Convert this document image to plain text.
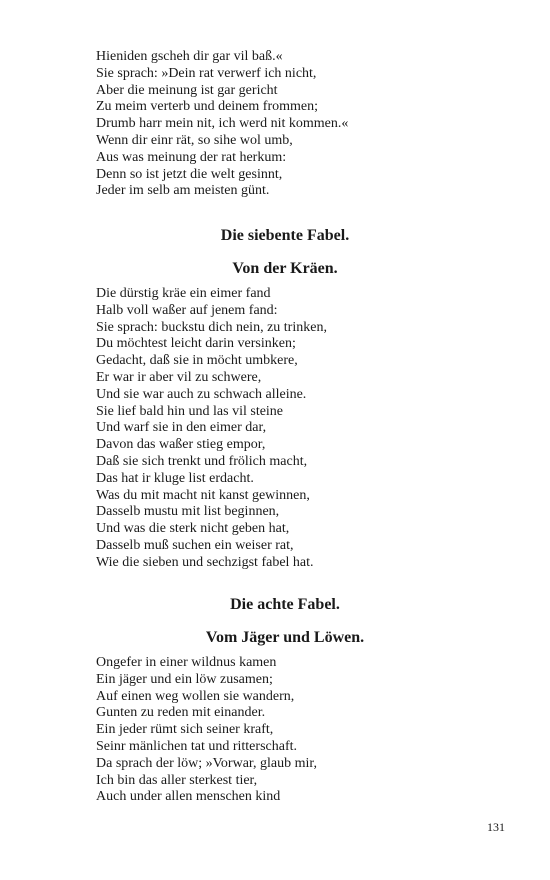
Hieniden gscheh dir gar vil baß.«
Sie sprach: »Dein rat verwerf ich nicht,
Aber die meinung ist gar gericht
Zu meim verterb und deinem frommen;
Drumb harr mein nit, ich werd nit kommen.«
Wenn dir einr rät, so sihe wol umb,
Aus was meinung der rat herkum:
Denn so ist jetzt die welt gesinnt,
Jeder im selb am meisten günt.
Die siebente Fabel.
Von der Kräen.
Die dürstig kräe ein eimer fand
Halb voll waßer auf jenem fand:
Sie sprach: buckstu dich nein, zu trinken,
Du möchtest leicht darin versinken;
Gedacht, daß sie in möcht umbkere,
Er war ir aber vil zu schwere,
Und sie war auch zu schwach alleine.
Sie lief bald hin und las vil steine
Und warf sie in den eimer dar,
Davon das waßer stieg empor,
Daß sie sich trenkt und frölich macht,
Das hat ir kluge list erdacht.
Was du mit macht nit kanst gewinnen,
Dasselb mustu mit list beginnen,
Und was die sterk nicht geben hat,
Dasselb muß suchen ein weiser rat,
Wie die sieben und sechzigst fabel hat.
Die achte Fabel.
Vom Jäger und Löwen.
Ongefer in einer wildnus kamen
Ein jäger und ein löw zusamen;
Auf einen weg wollen sie wandern,
Gunten zu reden mit einander.
Ein jeder rümt sich seiner kraft,
Seinr mänlichen tat und ritterschaft.
Da sprach der löw; »Vorwar, glaub mir,
Ich bin das aller sterkest tier,
Auch under allen menschen kind
131
